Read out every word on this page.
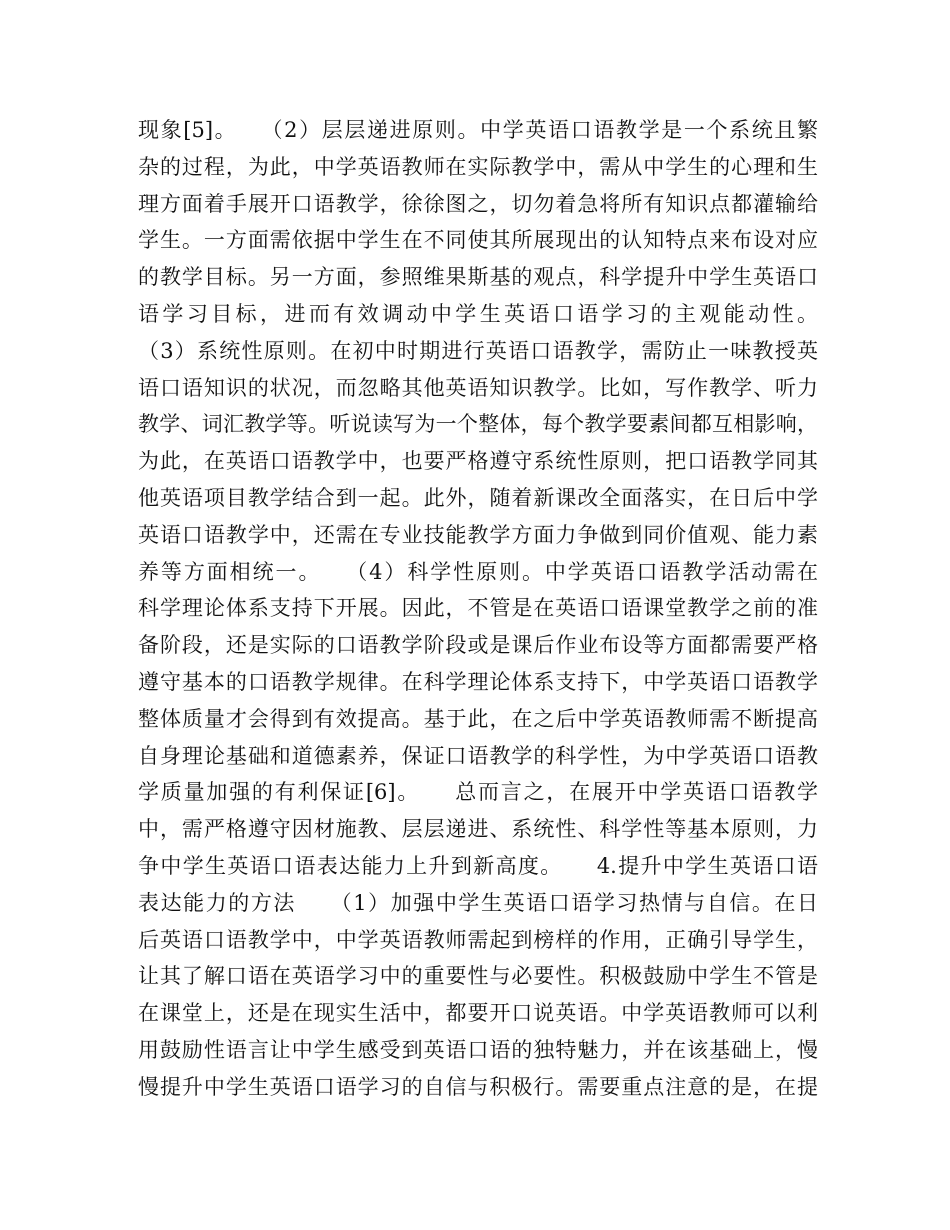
现象[5]。　　（2）层层递进原则。中学英语口语教学是一个系统且繁
杂的过程，为此，中学英语教师在实际教学中，需从中学生的心理和生
理方面着手展开口语教学，徐徐图之，切勿着急将所有知识点都灌输给
学生。一方面需依据中学生在不同使其所展现出的认知特点来布设对应
的教学目标。另一方面，参照维果斯基的观点，科学提升中学生英语口
语学习目标，进而有效调动中学生英语口语学习的主观能动性。
（3）系统性原则。在初中时期进行英语口语教学，需防止一味教授英
语口语知识的状况，而忽略其他英语知识教学。比如，写作教学、听力
教学、词汇教学等。听说读写为一个整体，每个教学要素间都互相影响，
为此，在英语口语教学中，也要严格遵守系统性原则，把口语教学同其
他英语项目教学结合到一起。此外，随着新课改全面落实，在日后中学
英语口语教学中，还需在专业技能教学方面力争做到同价值观、能力素
养等方面相统一。　　（4）科学性原则。中学英语口语教学活动需在
科学理论体系支持下开展。因此，不管是在英语口语课堂教学之前的准
备阶段，还是实际的口语教学阶段或是课后作业布设等方面都需要严格
遵守基本的口语教学规律。在科学理论体系支持下，中学英语口语教学
整体质量才会得到有效提高。基于此，在之后中学英语教师需不断提高
自身理论基础和道德素养，保证口语教学的科学性，为中学英语口语教
学质量加强的有利保证[6]。　　总而言之，在展开中学英语口语教学
中，需严格遵守因材施教、层层递进、系统性、科学性等基本原则，力
争中学生英语口语表达能力上升到新高度。　　4.提升中学生英语口语
表达能力的方法　　（1）加强中学生英语口语学习热情与自信。在日
后英语口语教学中，中学英语教师需起到榜样的作用，正确引导学生，
让其了解口语在英语学习中的重要性与必要性。积极鼓励中学生不管是
在课堂上，还是在现实生活中，都要开口说英语。中学英语教师可以利
用鼓励性语言让中学生感受到英语口语的独特魅力，并在该基础上，慢
慢提升中学生英语口语学习的自信与积极行。需要重点注意的是，在提
